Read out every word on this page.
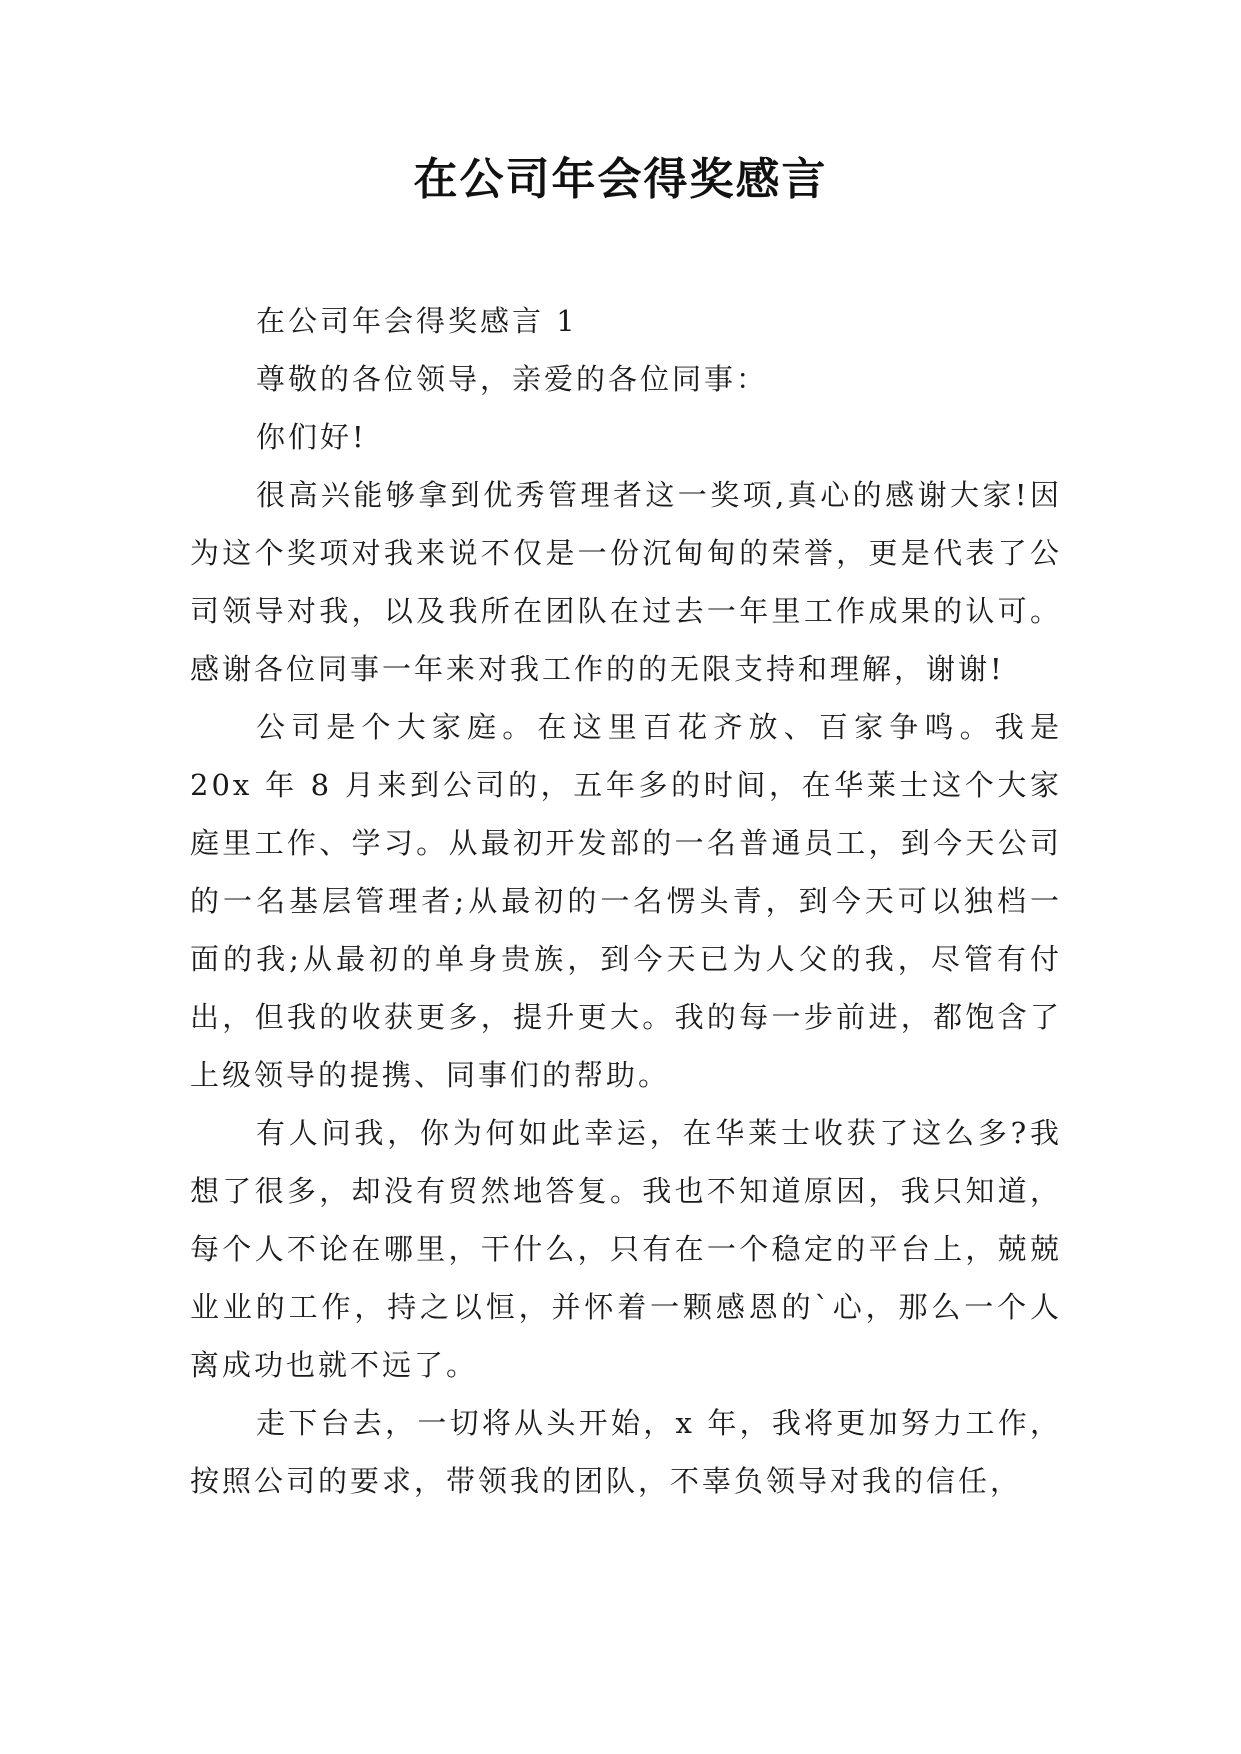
在公司年会得奖感言

在公司年会得奖感言 1

尊敬的各位领导，亲爱的各位同事：

你们好!

很高兴能够拿到优秀管理者这一奖项,真心的感谢大家!因为这个奖项对我来说不仅是一份沉甸甸的荣誉，更是代表了公司领导对我，以及我所在团队在过去一年里工作成果的认可。感谢各位同事一年来对我工作的的无限支持和理解，谢谢!

公司是个大家庭。在这里百花齐放、百家争鸣。我是 20x 年 8 月来到公司的，五年多的时间，在华莱士这个大家庭里工作、学习。从最初开发部的一名普通员工，到今天公司的一名基层管理者;从最初的一名愣头青，到今天可以独档一面的我;从最初的单身贵族，到今天已为人父的我，尽管有付出，但我的收获更多，提升更大。我的每一步前进，都饱含了上级领导的提携、同事们的帮助。

有人问我，你为何如此幸运，在华莱士收获了这么多?我想了很多，却没有贸然地答复。我也不知道原因，我只知道，每个人不论在哪里，干什么，只有在一个稳定的平台上，兢兢业业的工作，持之以恒，并怀着一颗感恩的`心，那么一个人离成功也就不远了。

走下台去，一切将从头开始，x 年，我将更加努力工作，按照公司的要求，带领我的团队，不辜负领导对我的信任，
